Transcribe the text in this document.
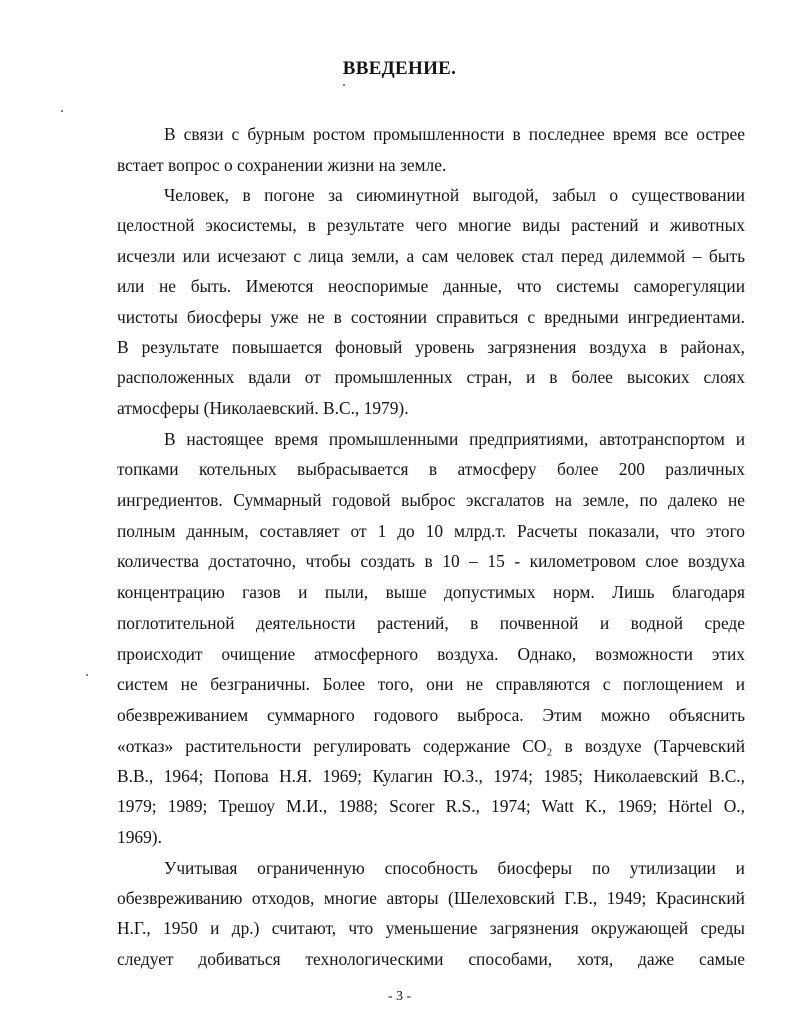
ВВЕДЕНИЕ.
В связи с бурным ростом промышленности в последнее время все острее
встает вопрос о сохранении жизни на земле.
Человек, в погоне за сиюминутной выгодой, забыл о существовании
целостной экосистемы, в результате чего многие виды растений и животных
исчезли или исчезают с лица земли, а сам человек стал перед дилеммой – быть
или не быть. Имеются неоспоримые данные, что системы саморегуляции
чистоты биосферы уже не в состоянии справиться с вредными ингредиентами.
В результате повышается фоновый уровень загрязнения воздуха в районах,
расположенных вдали от промышленных стран, и в более высоких слоях
атмосферы (Николаевский. В.С., 1979).
В настоящее время промышленными предприятиями, автотранспортом и
топками котельных выбрасывается в атмосферу более 200 различных
ингредиентов. Суммарный годовой выброс эксгалатов на земле, по далеко не
полным данным, составляет от 1 до 10 млрд.т. Расчеты показали, что этого
количества достаточно, чтобы создать в 10 – 15 - километровом слое воздуха
концентрацию газов и пыли, выше допустимых норм. Лишь благодаря
поглотительной деятельности растений, в почвенной и водной среде
происходит очищение атмосферного воздуха. Однако, возможности этих
систем не безграничны. Более того, они не справляются с поглощением и
обезвреживанием суммарного годового выброса. Этим можно объяснить
«отказ» растительности регулировать содержание СО₂ в воздухе (Тарчевский
В.В., 1964; Попова Н.Я. 1969; Кулагин Ю.З., 1974; 1985; Николаевский В.С.,
1979; 1989; Трешоу М.И., 1988; Scorer R.S., 1974; Watt K., 1969; Hörtel O.,
1969).
Учитывая ограниченную способность биосферы по утилизации и
обезвреживанию отходов, многие авторы (Шелеховский Г.В., 1949; Красинский
Н.Г., 1950 и др.) считают, что уменьшение загрязнения окружающей среды
следует добиваться технологическими способами, хотя, даже самые
- 3 -
